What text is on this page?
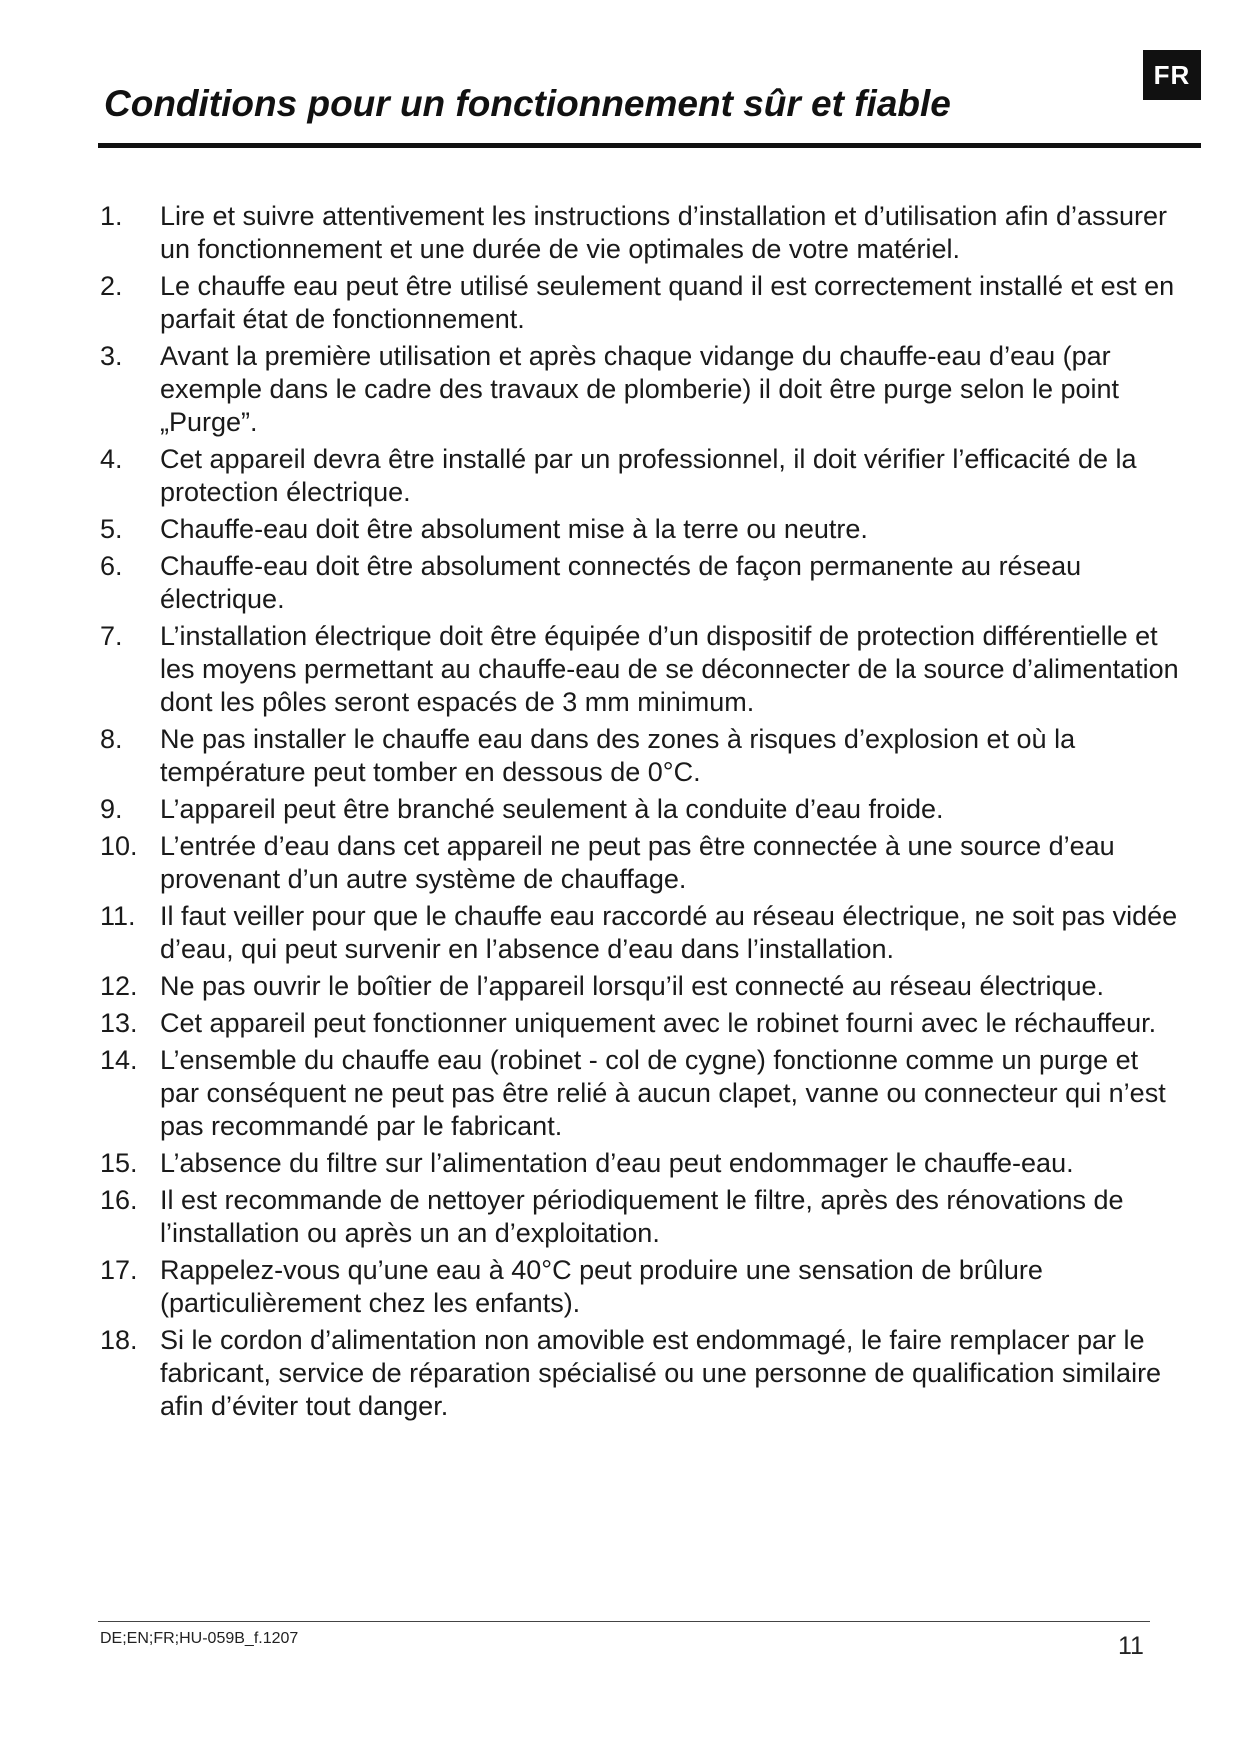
FR
Conditions pour un fonctionnement sûr et fiable
1.	Lire et suivre attentivement les instructions d’installation et d’utilisation afin d’assurer un fonctionnement et une durée de vie optimales de votre matériel.
2.	Le chauffe eau peut être utilisé seulement quand il est correctement installé et est en parfait état de fonctionnement.
3.	Avant la première utilisation et après chaque vidange du chauffe-eau d’eau (par exemple dans le cadre des travaux de plomberie) il doit être purge selon le point „Purge”.
4.	Cet appareil devra être installé par un professionnel, il doit vérifier l’efficacité de la protection électrique.
5.	Chauffe-eau doit être absolument mise à la terre ou neutre.
6.	Chauffe-eau doit être absolument connectés de façon permanente au réseau électrique.
7.	L’installation électrique doit être équipée d’un dispositif de protection différentielle et les moyens permettant au chauffe-eau de se déconnecter de la source d’alimentation dont les pôles seront espacés de 3 mm minimum.
8.	Ne pas installer le chauffe eau dans des zones à risques d’explosion et où la température peut tomber en dessous de 0°C.
9.	L’appareil peut être branché seulement à la conduite d’eau froide.
10. L’entrée d’eau dans cet appareil ne peut pas être connectée à une source d’eau provenant d’un autre système de chauffage.
11. Il faut veiller pour que le chauffe eau raccordé au réseau électrique, ne soit pas vidée d’eau, qui peut survenir en l’absence d’eau dans l’installation.
12. Ne pas ouvrir le boîtier de l’appareil lorsqu’il est connecté au réseau électrique.
13. Cet appareil peut fonctionner uniquement avec le robinet fourni avec le réchauffeur.
14. L’ensemble du chauffe eau (robinet - col de cygne) fonctionne comme un purge et par conséquent ne peut pas être relié à aucun clapet, vanne ou connecteur qui n’est pas recommandé par le fabricant.
15. L’absence du filtre sur l’alimentation d’eau peut endommager le chauffe-eau.
16. Il est recommande de nettoyer périodiquement le filtre, après des rénovations de l’installation ou après un an d’exploitation.
17. Rappelez-vous qu’une eau à 40°C peut produire une sensation de brûlure (particulièrement chez les enfants).
18. Si le cordon d’alimentation non amovible est endommagé, le faire remplacer par le fabricant, service de réparation spécialisé ou une personne de qualification similaire afin d’éviter tout danger.
DE;EN;FR;HU-059B_f.1207	11
